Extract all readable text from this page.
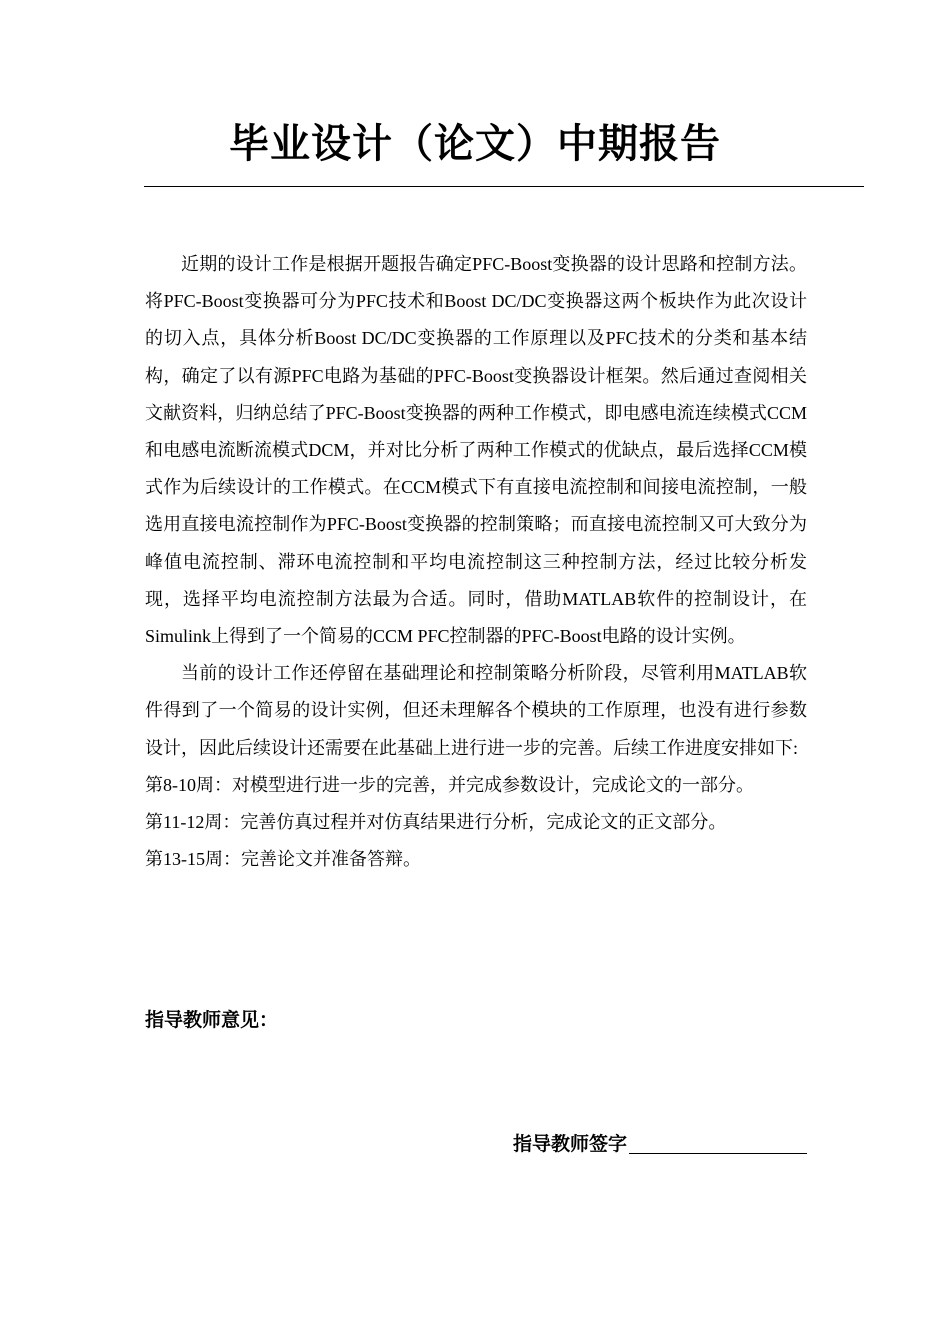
毕业设计（论文）中期报告

近期的设计工作是根据开题报告确定PFC-Boost变换器的设计思路和控制方法。将PFC-Boost变换器可分为PFC技术和Boost DC/DC变换器这两个板块作为此次设计的切入点，具体分析Boost DC/DC变换器的工作原理以及PFC技术的分类和基本结构，确定了以有源PFC电路为基础的PFC-Boost变换器设计框架。然后通过查阅相关文献资料，归纳总结了PFC-Boost变换器的两种工作模式，即电感电流连续模式CCM和电感电流断流模式DCM，并对比分析了两种工作模式的优缺点，最后选择CCM模式作为后续设计的工作模式。在CCM模式下有直接电流控制和间接电流控制，一般选用直接电流控制作为PFC-Boost变换器的控制策略；而直接电流控制又可大致分为峰值电流控制、滞环电流控制和平均电流控制这三种控制方法，经过比较分析发现，选择平均电流控制方法最为合适。同时，借助MATLAB软件的控制设计，在Simulink上得到了一个简易的CCM PFC控制器的PFC-Boost电路的设计实例。

当前的设计工作还停留在基础理论和控制策略分析阶段，尽管利用MATLAB软件得到了一个简易的设计实例，但还未理解各个模块的工作原理，也没有进行参数设计，因此后续设计还需要在此基础上进行进一步的完善。后续工作进度安排如下:

第8-10周：对模型进行进一步的完善，并完成参数设计，完成论文的一部分。
第11-12周：完善仿真过程并对仿真结果进行分析，完成论文的正文部分。
第13-15周：完善论文并准备答辩。
指导教师意见：
指导教师签字
